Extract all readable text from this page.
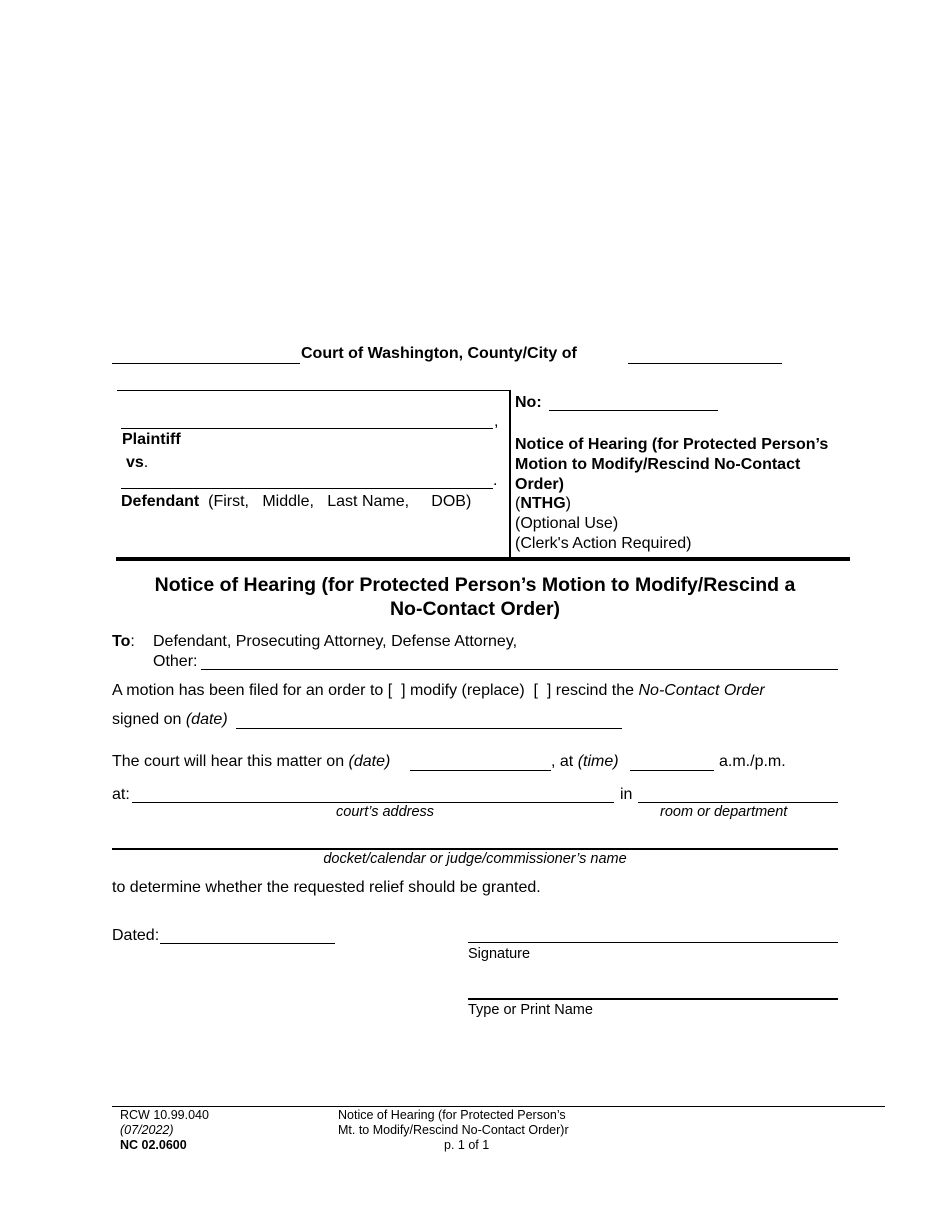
Court of Washington, County/City of
,
Plaintiff
vs.
.
Defendant (First,   Middle,   Last Name,     DOB)
No:
Notice of Hearing (for Protected Person’s Motion to Modify/Rescind No-Contact Order)
(NTHG)
(Optional Use)
(Clerk's Action Required)
Notice of Hearing (for Protected Person’s Motion to Modify/Rescind a
No-Contact Order)
To: Defendant, Prosecuting Attorney, Defense Attorney,
Other:
A motion has been filed for an order to [  ] modify (replace)  [  ] rescind the No-Contact Order
signed on (date)
The court will hear this matter on (date)	, at (time)	a.m./p.m.
at:	in
court’s address	room or department
docket/calendar or judge/commissioner’s name
to determine whether the requested relief should be granted.
Dated:
Signature
Type or Print Name
RCW 10.99.040
(07/2022)
NC 02.0600
Notice of Hearing (for Protected Person’s
Mt. to Modify/Rescind No-Contact Order)r
p. 1 of 1
